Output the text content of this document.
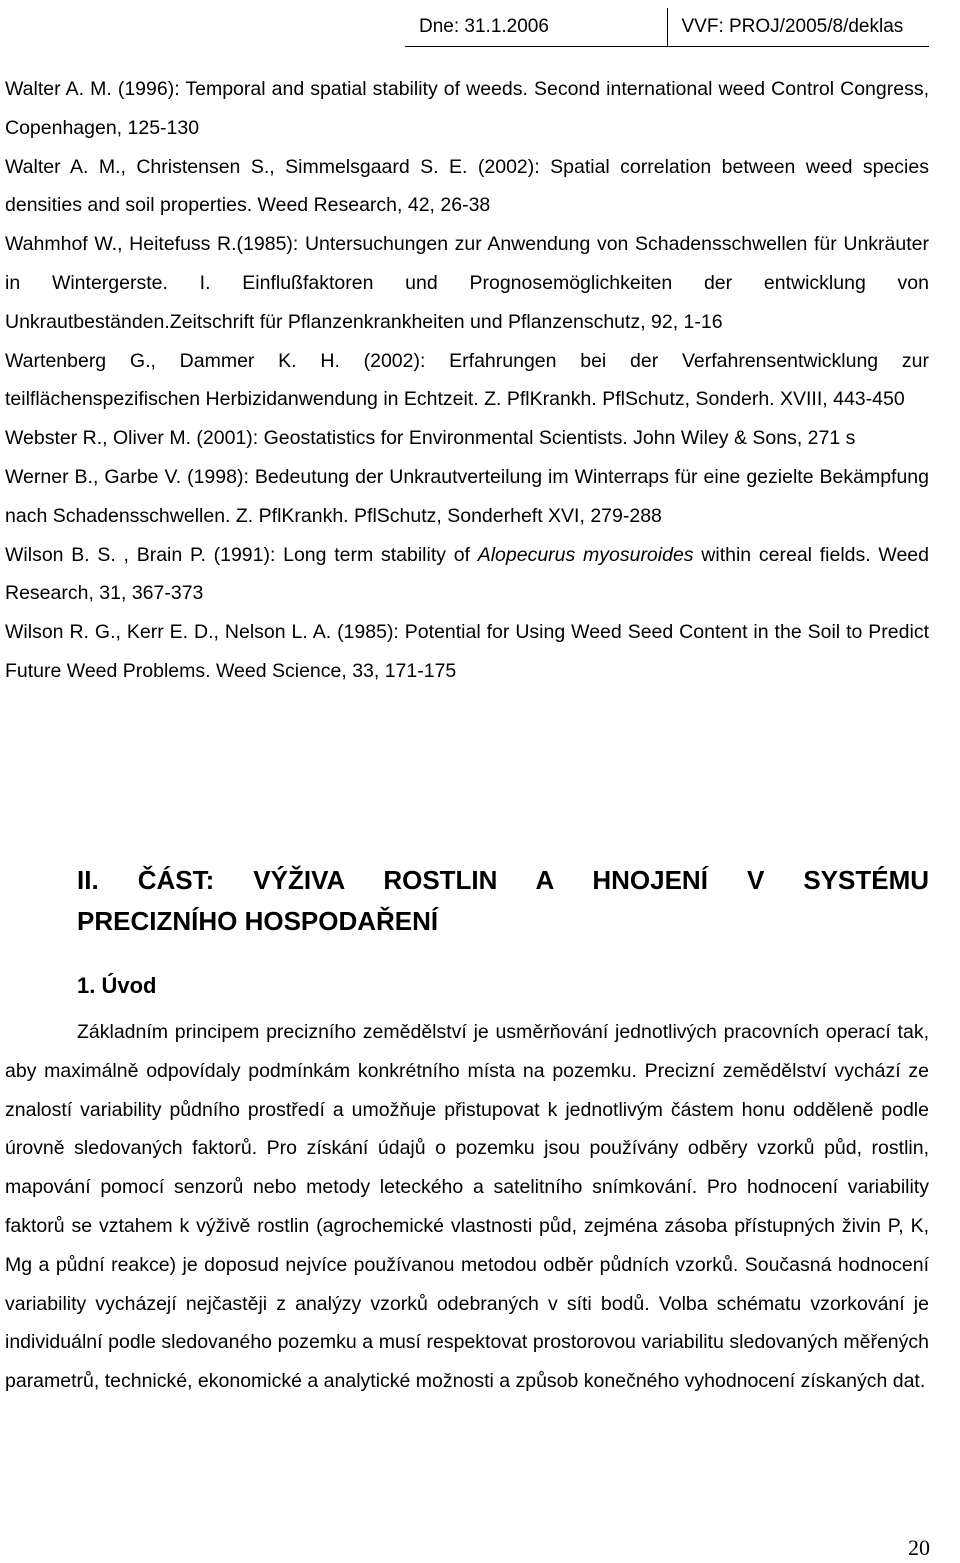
Dne: 31.1.2006	VVF: PROJ/2005/8/deklas

Walter A. M. (1996): Temporal and spatial stability of weeds. Second international weed Control Congress, Copenhagen, 125-130

Walter A. M., Christensen S., Simmelsgaard S. E. (2002): Spatial correlation between weed species densities and soil properties. Weed Research, 42, 26-38

Wahmhof W., Heitefuss R.(1985): Untersuchungen zur Anwendung von Schadensschwellen für Unkräuter in Wintergerste. I. Einflußfaktoren und Prognosemöglichkeiten der entwicklung von Unkrautbeständen.Zeitschrift für Pflanzenkrankheiten und Pflanzenschutz, 92, 1-16

Wartenberg G., Dammer K. H. (2002): Erfahrungen bei der Verfahrensentwicklung zur teilflächenspezifischen Herbizidanwendung in Echtzeit. Z. PflKrankh. PflSchutz, Sonderh. XVIII, 443-450

Webster R., Oliver M. (2001): Geostatistics for Environmental Scientists. John Wiley & Sons, 271 s

Werner B., Garbe V. (1998): Bedeutung der Unkrautverteilung im Winterraps für eine gezielte Bekämpfung nach Schadensschwellen. Z. PflKrankh. PflSchutz, Sonderheft XVI, 279-288

Wilson B. S. , Brain P. (1991): Long term stability of Alopecurus myosuroides within cereal fields. Weed Research, 31, 367-373

Wilson R. G., Kerr E. D., Nelson L. A. (1985): Potential for Using Weed Seed Content in the Soil to Predict Future Weed Problems. Weed Science, 33, 171-175

II. ČÁST: VÝŽIVA ROSTLIN A HNOJENÍ V SYSTÉMU
PRECIZNÍHO HOSPODAŘENÍ
1. Úvod

Základním principem precizního zemědělství je usměrňování jednotlivých pracovních operací tak, aby maximálně odpovídaly podmínkám konkrétního místa na pozemku. Precizní zemědělství vychází ze znalostí variability půdního prostředí a umožňuje přistupovat k jednotlivým částem honu odděleně podle úrovně sledovaných faktorů. Pro získání údajů o pozemku jsou používány odběry vzorků půd, rostlin, mapování pomocí senzorů nebo metody leteckého a satelitního snímkování. Pro hodnocení variability faktorů se vztahem k výživě rostlin (agrochemické vlastnosti půd, zejména zásoba přístupných živin P, K, Mg a půdní reakce) je doposud nejvíce používanou metodou odběr půdních vzorků. Současná hodnocení variability vycházejí nejčastěji z analýzy vzorků odebraných v síti bodů. Volba schématu vzorkování je individuální podle sledovaného pozemku a musí respektovat prostorovou variabilitu sledovaných měřených parametrů, technické, ekonomické a analytické možnosti a způsob konečného vyhodnocení získaných dat.

20
